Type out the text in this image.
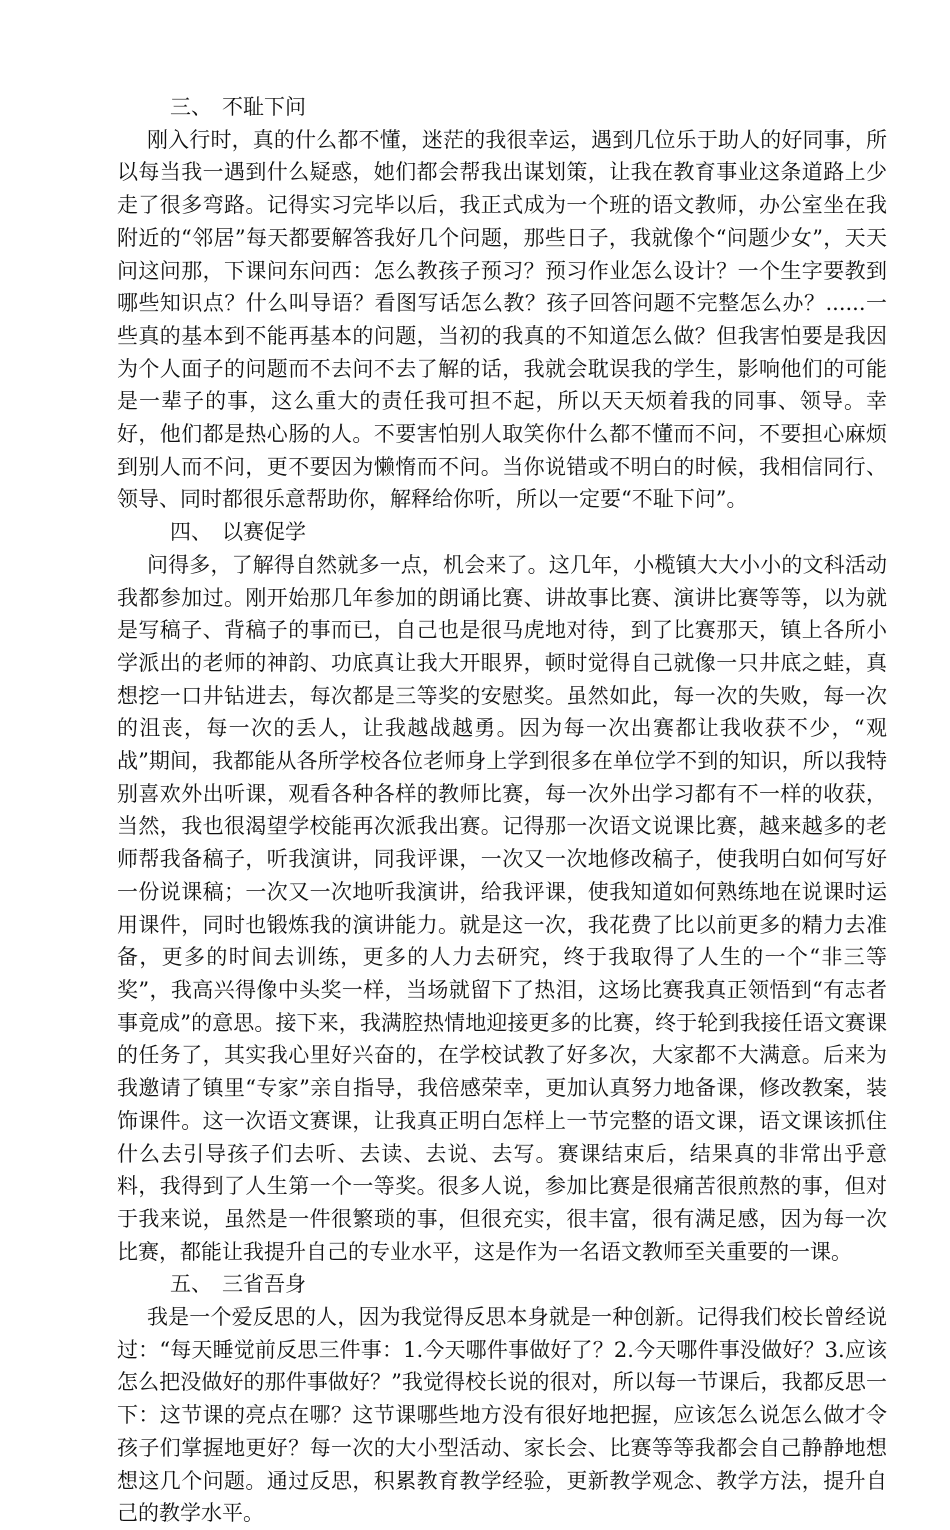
三、 不耻下问

刚入行时，真的什么都不懂，迷茫的我很幸运，遇到几位乐于助人的好同事，所以每当我一遇到什么疑惑，她们都会帮我出谋划策，让我在教育事业这条道路上少走了很多弯路。记得实习完毕以后，我正式成为一个班的语文教师，办公室坐在我附近的“邻居”每天都要解答我好几个问题，那些日子，我就像个“问题少女”，天天问这问那，下课问东问西：怎么教孩子预习？预习作业怎么设计？一个生字要教到哪些知识点？什么叫导语？看图写话怎么教？孩子回答问题不完整怎么办？......一些真的基本到不能再基本的问题，当初的我真的不知道怎么做？但我害怕要是我因为个人面子的问题而不去问不去了解的话，我就会耽误我的学生，影响他们的可能是一辈子的事，这么重大的责任我可担不起，所以天天烦着我的同事、领导。幸好，他们都是热心肠的人。不要害怕别人取笑你什么都不懂而不问，不要担心麻烦到别人而不问，更不要因为懒惰而不问。当你说错或不明白的时候，我相信同行、领导、同时都很乐意帮助你，解释给你听，所以一定要“不耻下问”。

四、 以赛促学

问得多，了解得自然就多一点，机会来了。这几年，小榄镇大大小小的文科活动我都参加过。刚开始那几年参加的朗诵比赛、讲故事比赛、演讲比赛等等，以为就是写稿子、背稿子的事而已，自己也是很马虎地对待，到了比赛那天，镇上各所小学派出的老师的神韵、功底真让我大开眼界，顿时觉得自己就像一只井底之蛙，真想挖一口井钻进去，每次都是三等奖的安慰奖。虽然如此，每一次的失败，每一次的沮丧，每一次的丢人，让我越战越勇。因为每一次出赛都让我收获不少，“观战”期间，我都能从各所学校各位老师身上学到很多在单位学不到的知识，所以我特别喜欢外出听课，观看各种各样的教师比赛，每一次外出学习都有不一样的收获，当然，我也很渴望学校能再次派我出赛。记得那一次语文说课比赛，越来越多的老师帮我备稿子，听我演讲，同我评课，一次又一次地修改稿子，使我明白如何写好一份说课稿；一次又一次地听我演讲，给我评课，使我知道如何熟练地在说课时运用课件，同时也锻炼我的演讲能力。就是这一次，我花费了比以前更多的精力去准备，更多的时间去训练，更多的人力去研究，终于我取得了人生的一个“非三等奖”，我高兴得像中头奖一样，当场就留下了热泪，这场比赛我真正领悟到“有志者事竟成”的意思。接下来，我满腔热情地迎接更多的比赛，终于轮到我接任语文赛课的任务了，其实我心里好兴奋的，在学校试教了好多次，大家都不大满意。后来为我邀请了镇里“专家”亲自指导，我倍感荣幸，更加认真努力地备课，修改教案，装饰课件。这一次语文赛课，让我真正明白怎样上一节完整的语文课，语文课该抓住什么去引导孩子们去听、去读、去说、去写。赛课结束后，结果真的非常出乎意料，我得到了人生第一个一等奖。很多人说，参加比赛是很痛苦很煎熬的事，但对于我来说，虽然是一件很繁琐的事，但很充实，很丰富，很有满足感，因为每一次比赛，都能让我提升自己的专业水平，这是作为一名语文教师至关重要的一课。

五、 三省吾身

我是一个爱反思的人，因为我觉得反思本身就是一种创新。记得我们校长曾经说过：“每天睡觉前反思三件事：1.今天哪件事做好了？2.今天哪件事没做好？3.应该怎么把没做好的那件事做好？”我觉得校长说的很对，所以每一节课后，我都反思一下：这节课的亮点在哪？这节课哪些地方没有很好地把握，应该怎么说怎么做才令孩子们掌握地更好？每一次的大小型活动、家长会、比赛等等我都会自己静静地想想这几个问题。通过反思，积累教育教学经验，更新教学观念、教学方法，提升自己的教学水平。
